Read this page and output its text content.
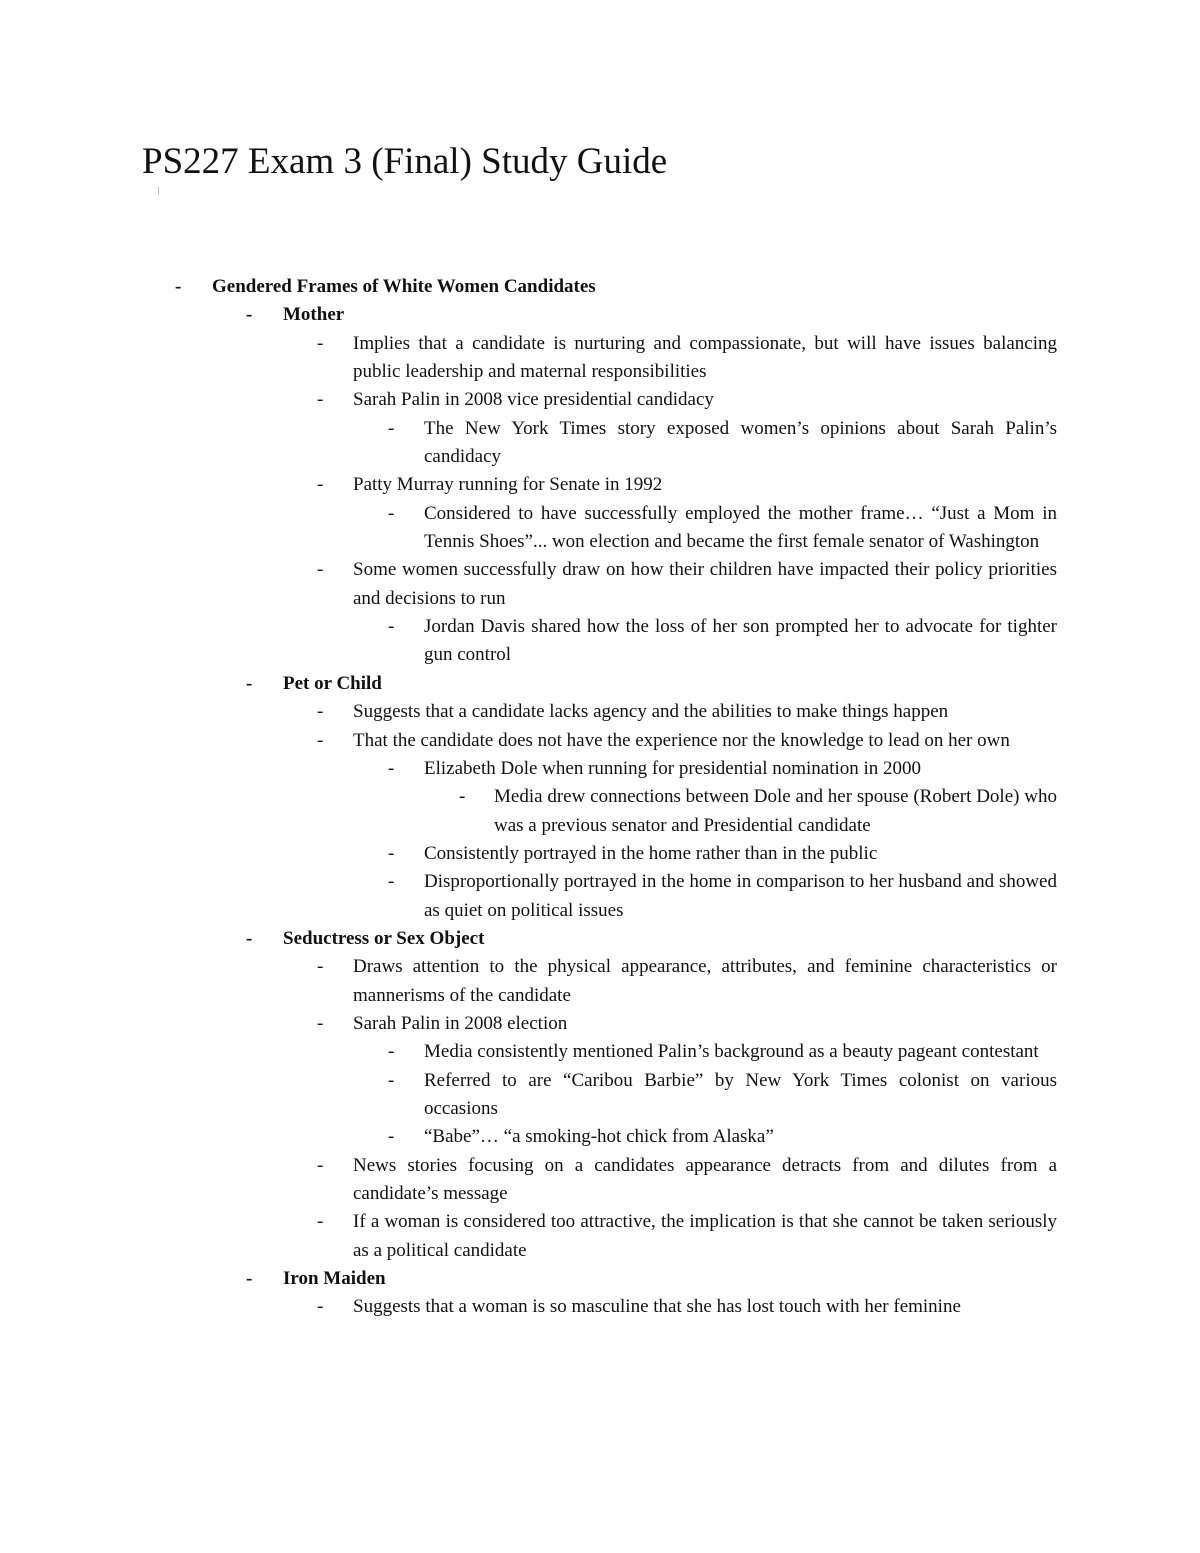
PS227 Exam 3 (Final) Study Guide
-	Gendered Frames of White Women Candidates
-	Mother
-	Implies that a candidate is nurturing and compassionate, but will have issues balancing public leadership and maternal responsibilities
-	Sarah Palin in 2008 vice presidential candidacy
-	The New York Times story exposed women’s opinions about Sarah Palin’s candidacy
-	Patty Murray running for Senate in 1992
-	Considered to have successfully employed the mother frame… “Just a Mom in Tennis Shoes”... won election and became the first female senator of Washington
-	Some women successfully draw on how their children have impacted their policy priorities and decisions to run
-	Jordan Davis shared how the loss of her son prompted her to advocate for tighter gun control
-	Pet or Child
-	Suggests that a candidate lacks agency and the abilities to make things happen
-	That the candidate does not have the experience nor the knowledge to lead on her own
-	Elizabeth Dole when running for presidential nomination in 2000
-	Media drew connections between Dole and her spouse (Robert Dole) who was a previous senator and Presidential candidate
-	Consistently portrayed in the home rather than in the public
-	Disproportionally portrayed in the home in comparison to her husband and showed as quiet on political issues
-	Seductress or Sex Object
-	Draws attention to the physical appearance, attributes, and feminine characteristics or mannerisms of the candidate
-	Sarah Palin in 2008 election
-	Media consistently mentioned Palin’s background as a beauty pageant contestant
-	Referred to are “Caribou Barbie” by New York Times colonist on various occasions
-	“Babe”… “a smoking-hot chick from Alaska”
-	News stories focusing on a candidates appearance detracts from and dilutes from a candidate’s message
-	If a woman is considered too attractive, the implication is that she cannot be taken seriously as a political candidate
-	Iron Maiden
-	Suggests that a woman is so masculine that she has lost touch with her feminine
